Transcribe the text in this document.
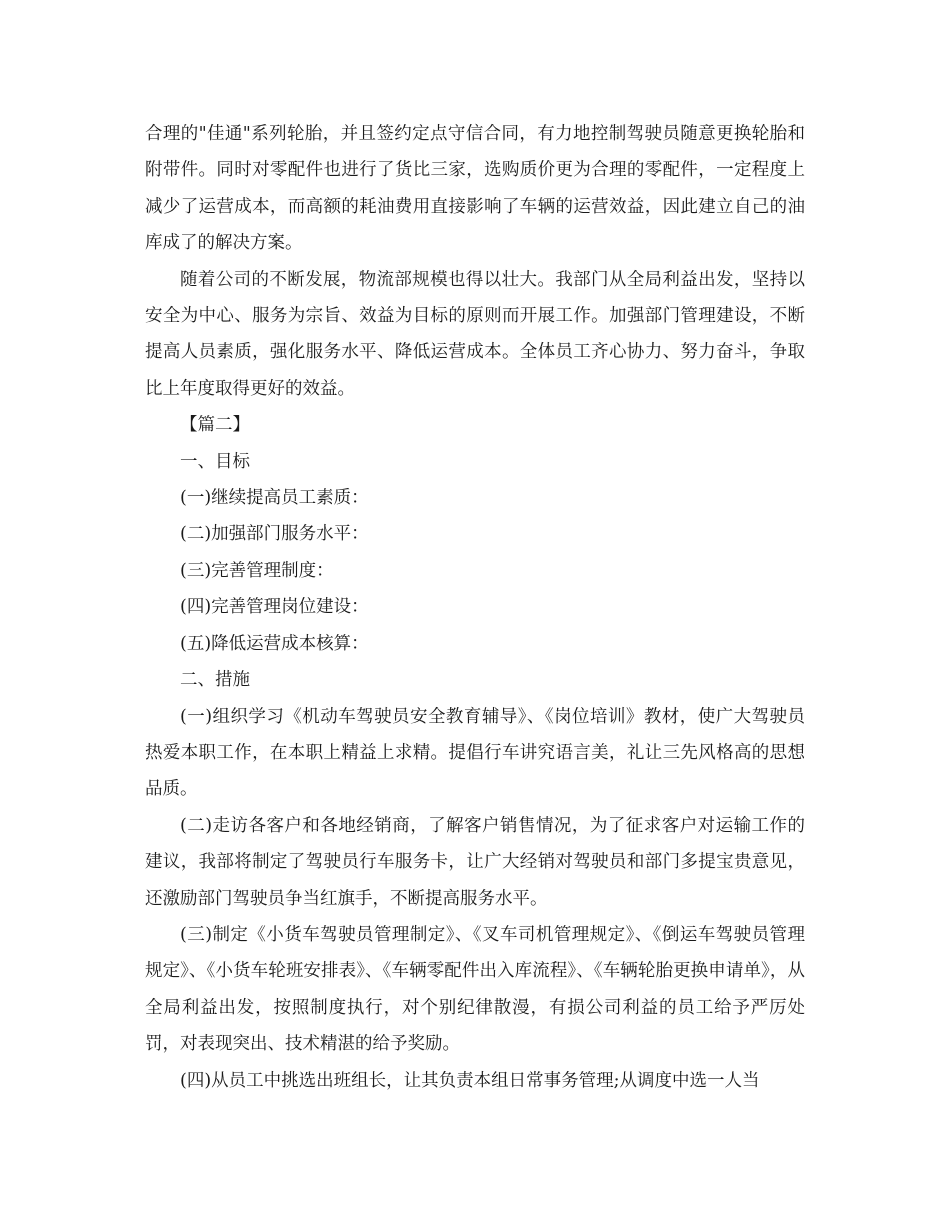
合理的"佳通"系列轮胎，并且签约定点守信合同，有力地控制驾驶员随意更换轮胎和附带件。同时对零配件也进行了货比三家，选购质价更为合理的零配件，一定程度上减少了运营成本，而高额的耗油费用直接影响了车辆的运营效益，因此建立自己的油库成了的解决方案。

随着公司的不断发展，物流部规模也得以壮大。我部门从全局利益出发，坚持以安全为中心、服务为宗旨、效益为目标的原则而开展工作。加强部门管理建设，不断提高人员素质，强化服务水平、降低运营成本。全体员工齐心协力、努力奋斗，争取比上年度取得更好的效益。

【篇二】

一、目标

(一)继续提高员工素质：

(二)加强部门服务水平：

(三)完善管理制度：

(四)完善管理岗位建设：

(五)降低运营成本核算：

二、措施

(一)组织学习《机动车驾驶员安全教育辅导》、《岗位培训》教材，使广大驾驶员热爱本职工作，在本职上精益上求精。提倡行车讲究语言美，礼让三先风格高的思想品质。

(二)走访各客户和各地经销商，了解客户销售情况，为了征求客户对运输工作的建议，我部将制定了驾驶员行车服务卡，让广大经销对驾驶员和部门多提宝贵意见，还激励部门驾驶员争当红旗手，不断提高服务水平。

(三)制定《小货车驾驶员管理制定》、《叉车司机管理规定》、《倒运车驾驶员管理规定》、《小货车轮班安排表》、《车辆零配件出入库流程》、《车辆轮胎更换申请单》，从全局利益出发，按照制度执行，对个别纪律散漫，有损公司利益的员工给予严厉处罚，对表现突出、技术精湛的给予奖励。

(四)从员工中挑选出班组长，让其负责本组日常事务管理;从调度中选一人当
